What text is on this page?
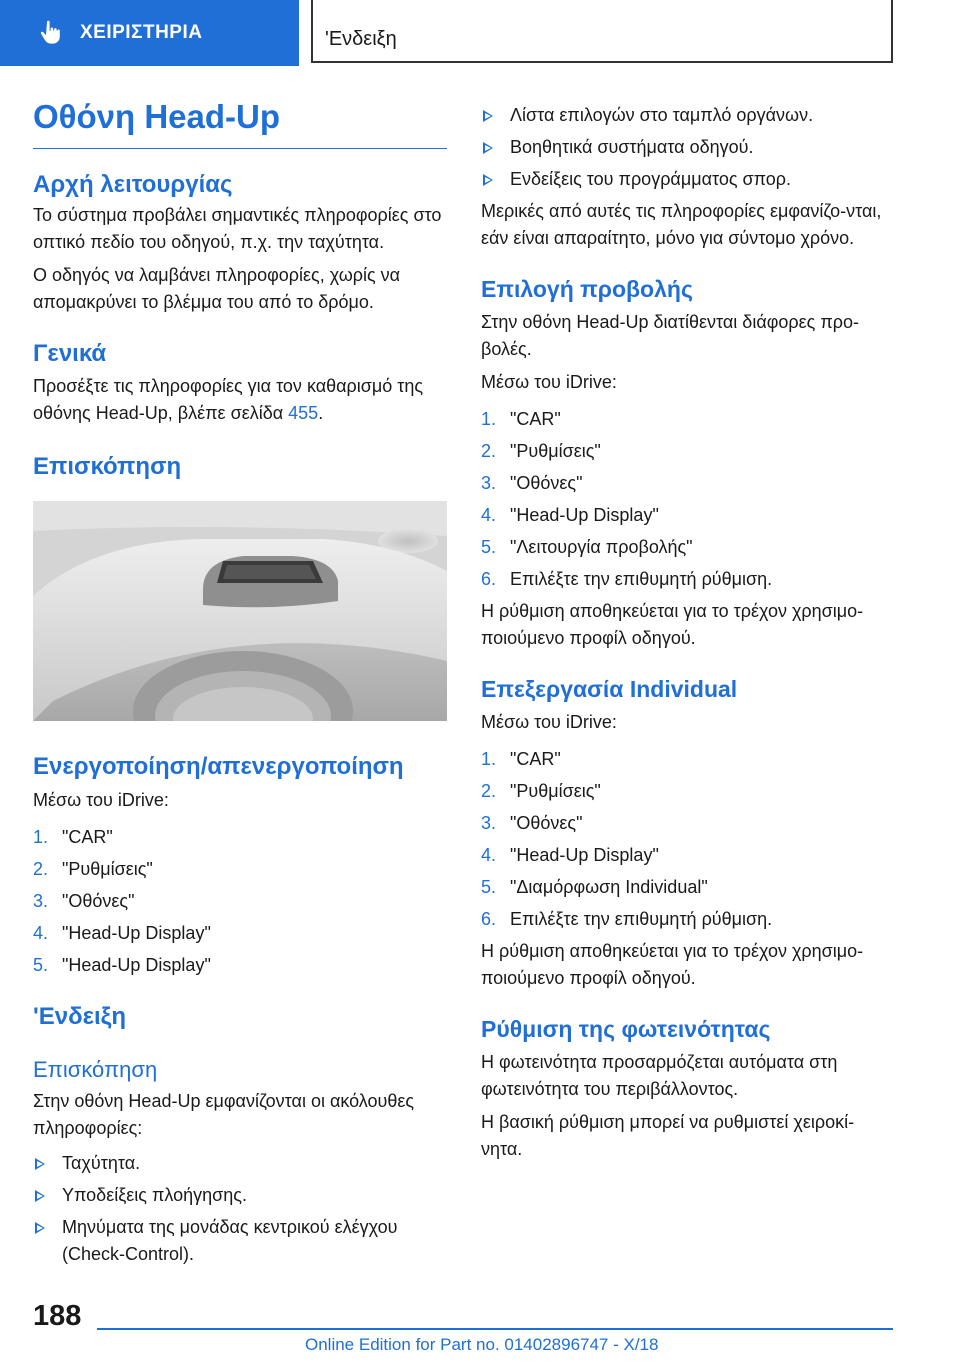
ΧΕΙΡΙΣΤΗΡΙΑ	'Ενδειξη
Οθόνη Head-Up
Αρχή λειτουργίας

Το σύστημα προβάλει σημαντικές πληροφορίες στο οπτικό πεδίο του οδηγού, π.χ. την ταχύτητα.

Ο οδηγός να λαμβάνει πληροφορίες, χωρίς να απομακρύνει το βλέμμα του από το δρόμο.

Γενικά

Προσέξτε τις πληροφορίες για τον καθαρισμό της οθόνης Head-Up, βλέπε σελίδα 455.

Επισκόπηση
Ενεργοποίηση/απενεργοποίηση

Μέσω του iDrive:

1. "CAR"
2. "Ρυθμίσεις"
3. "Οθόνες"
4. "Head-Up Display"
5. "Head-Up Display"
'Ενδειξη
Επισκόπηση

Στην οθόνη Head-Up εμφανίζονται οι ακόλουθες πληροφορίες:

Ταχύτητα.
Υποδείξεις πλοήγησης.
Μηνύματα της μονάδας κεντρικού ελέγχου (Check-Control).
Λίστα επιλογών στο ταμπλό οργάνων.
Βοηθητικά συστήματα οδηγού.
Ενδείξεις του προγράμματος σπορ.

Μερικές από αυτές τις πληροφορίες εμφανίζο-νται, εάν είναι απαραίτητο, μόνο για σύντομο χρόνο.

Επιλογή προβολής

Στην οθόνη Head-Up διατίθενται διάφορες προ-βολές.

Μέσω του iDrive:

1. "CAR"
2. "Ρυθμίσεις"
3. "Οθόνες"
4. "Head-Up Display"
5. "Λειτουργία προβολής"
6. Επιλέξτε την επιθυμητή ρύθμιση.

Η ρύθμιση αποθηκεύεται για το τρέχον χρησιμο-ποιούμενο προφίλ οδηγού.

Επεξεργασία Individual

Μέσω του iDrive:

1. "CAR"
2. "Ρυθμίσεις"
3. "Οθόνες"
4. "Head-Up Display"
5. "Διαμόρφωση Individual"
6. Επιλέξτε την επιθυμητή ρύθμιση.

Η ρύθμιση αποθηκεύεται για το τρέχον χρησιμο-ποιούμενο προφίλ οδηγού.

Ρύθμιση της φωτεινότητας

Η φωτεινότητα προσαρμόζεται αυτόματα στη φωτεινότητα του περιβάλλοντος.

Η βασική ρύθμιση μπορεί να ρυθμιστεί χειροκί-νητα.

188
Online Edition for Part no. 01402896747 - X/18
